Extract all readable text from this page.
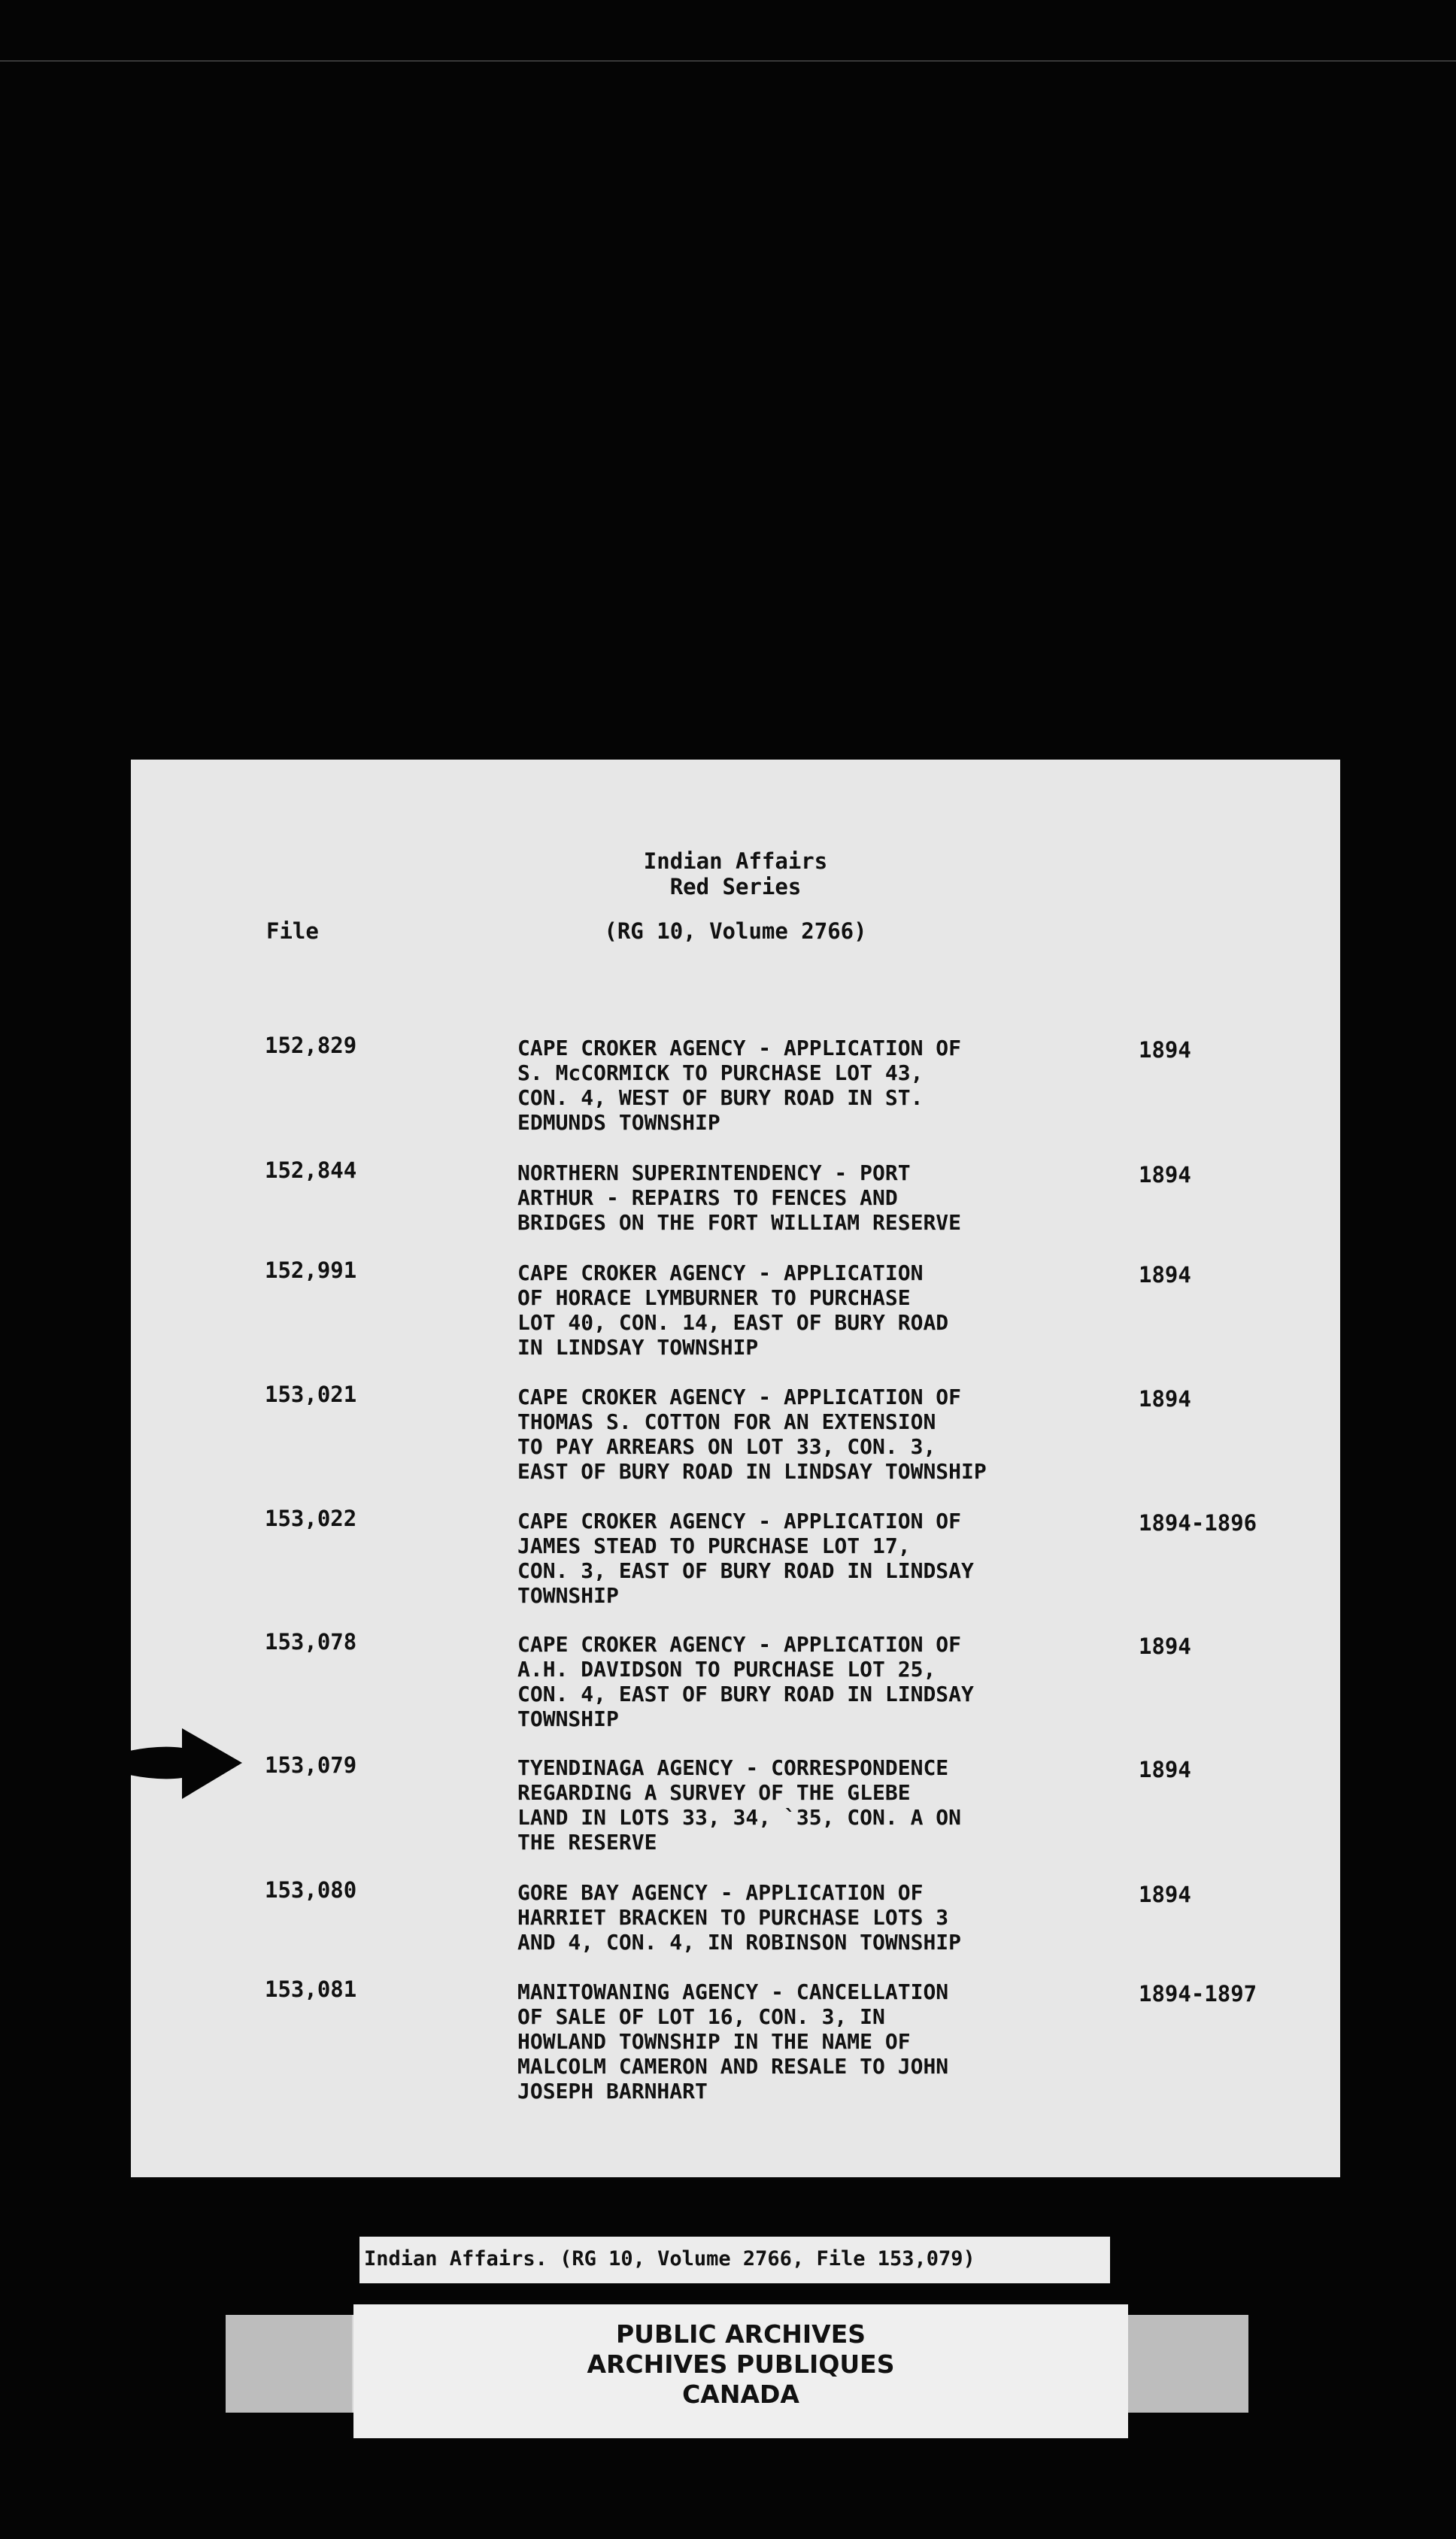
Indian Affairs
Red Series
File	(RG 10, Volume 2766)
152,829	CAPE CROKER AGENCY - APPLICATION OF
S. McCORMICK TO PURCHASE LOT 43,
CON. 4, WEST OF BURY ROAD IN ST.
EDMUNDS TOWNSHIP
1894
152,844	NORTHERN SUPERINTENDENCY - PORT
ARTHUR - REPAIRS TO FENCES AND
BRIDGES ON THE FORT WILLIAM RESERVE
1894
152,991	CAPE CROKER AGENCY - APPLICATION
OF HORACE LYMBURNER TO PURCHASE
LOT 40, CON. 14, EAST OF BURY ROAD
IN LINDSAY TOWNSHIP
1894
153,021	CAPE CROKER AGENCY - APPLICATION OF
THOMAS S. COTTON FOR AN EXTENSION
TO PAY ARREARS ON LOT 33, CON. 3,
EAST OF BURY ROAD IN LINDSAY TOWNSHIP
1894
153,022	CAPE CROKER AGENCY - APPLICATION OF
JAMES STEAD TO PURCHASE LOT 17,
CON. 3, EAST OF BURY ROAD IN LINDSAY
TOWNSHIP
1894-1896
153,078	CAPE CROKER AGENCY - APPLICATION OF
A.H. DAVIDSON TO PURCHASE LOT 25,
CON. 4, EAST OF BURY ROAD IN LINDSAY
TOWNSHIP
1894
153,079	TYENDINAGA AGENCY - CORRESPONDENCE
REGARDING A SURVEY OF THE GLEBE
LAND IN LOTS 33, 34, `35, CON. A ON
THE RESERVE
1894
153,080	GORE BAY AGENCY - APPLICATION OF
HARRIET BRACKEN TO PURCHASE LOTS 3
AND 4, CON. 4, IN ROBINSON TOWNSHIP
1894
153,081	MANITOWANING AGENCY - CANCELLATION
OF SALE OF LOT 16, CON. 3, IN
HOWLAND TOWNSHIP IN THE NAME OF
MALCOLM CAMERON AND RESALE TO JOHN
JOSEPH BARNHART
1894-1897
Indian Affairs. (RG 10, Volume 2766, File 153,079)
PUBLIC ARCHIVES
ARCHIVES PUBLIQUES
CANADA
